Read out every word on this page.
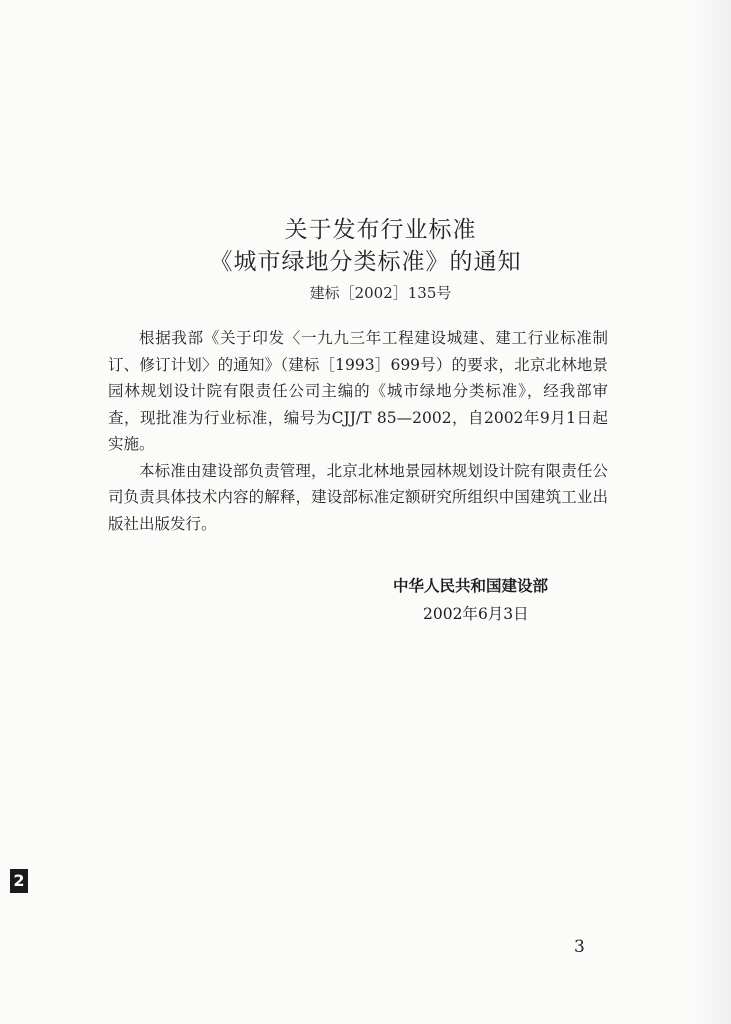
关于发布行业标准
《城市绿地分类标准》的通知
建标［2002］135号

根据我部《关于印发〈一九九三年工程建设城建、建工行业标准制订、修订计划〉的通知》（建标［1993］699号）的要求，北京北林地景园林规划设计院有限责任公司主编的《城市绿地分类标准》，经我部审查，现批准为行业标准，编号为CJJ/T 85—2002，自2002年9月1日起实施。

本标准由建设部负责管理，北京北林地景园林规划设计院有限责任公司负责具体技术内容的解释，建设部标准定额研究所组织中国建筑工业出版社出版发行。

中华人民共和国建设部
2002年6月3日
2
3
